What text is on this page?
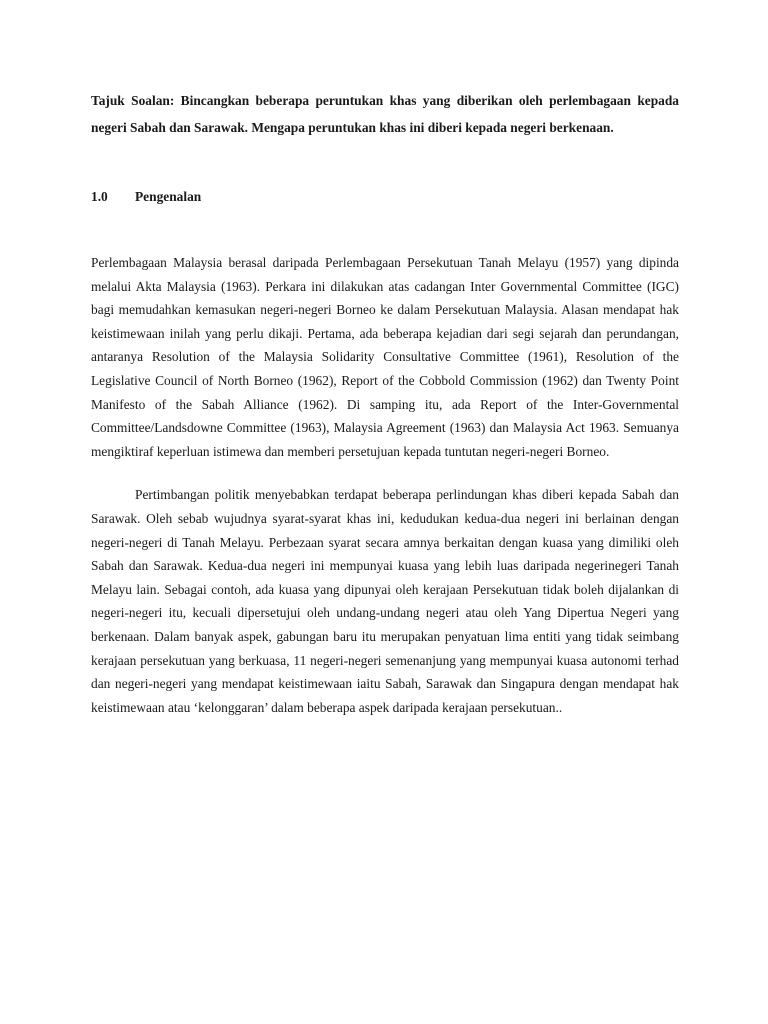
Tajuk Soalan: Bincangkan beberapa peruntukan khas yang diberikan oleh perlembagaan kepada negeri Sabah dan Sarawak. Mengapa peruntukan khas ini diberi kepada negeri berkenaan.

1.0	Pengenalan

Perlembagaan Malaysia berasal daripada Perlembagaan Persekutuan Tanah Melayu (1957) yang dipinda melalui Akta Malaysia (1963). Perkara ini dilakukan atas cadangan Inter Governmental Committee (IGC) bagi memudahkan kemasukan negeri-negeri Borneo ke dalam Persekutuan Malaysia. Alasan mendapat hak keistimewaan inilah yang perlu dikaji. Pertama, ada beberapa kejadian dari segi sejarah dan perundangan, antaranya Resolution of the Malaysia Solidarity Consultative Committee (1961), Resolution of the Legislative Council of North Borneo (1962), Report of the Cobbold Commission (1962) dan Twenty Point Manifesto of the Sabah Alliance (1962). Di samping itu, ada Report of the Inter-Governmental Committee/Landsdowne Committee (1963), Malaysia Agreement (1963) dan Malaysia Act 1963. Semuanya mengiktiraf keperluan istimewa dan memberi persetujuan kepada tuntutan negeri-negeri Borneo.

Pertimbangan politik menyebabkan terdapat beberapa perlindungan khas diberi kepada Sabah dan Sarawak. Oleh sebab wujudnya syarat-syarat khas ini, kedudukan kedua-dua negeri ini berlainan dengan negeri-negeri di Tanah Melayu. Perbezaan syarat secara amnya berkaitan dengan kuasa yang dimiliki oleh Sabah dan Sarawak. Kedua-dua negeri ini mempunyai kuasa yang lebih luas daripada negerinegeri Tanah Melayu lain. Sebagai contoh, ada kuasa yang dipunyai oleh kerajaan Persekutuan tidak boleh dijalankan di negeri-negeri itu, kecuali dipersetujui oleh undang-undang negeri atau oleh Yang Dipertua Negeri yang berkenaan. Dalam banyak aspek, gabungan baru itu merupakan penyatuan lima entiti yang tidak seimbang kerajaan persekutuan yang berkuasa, 11 negeri-negeri semenanjung yang mempunyai kuasa autonomi terhad dan negeri-negeri yang mendapat keistimewaan iaitu Sabah, Sarawak dan Singapura dengan mendapat hak keistimewaan atau ‘kelonggaran’ dalam beberapa aspek daripada kerajaan persekutuan..
